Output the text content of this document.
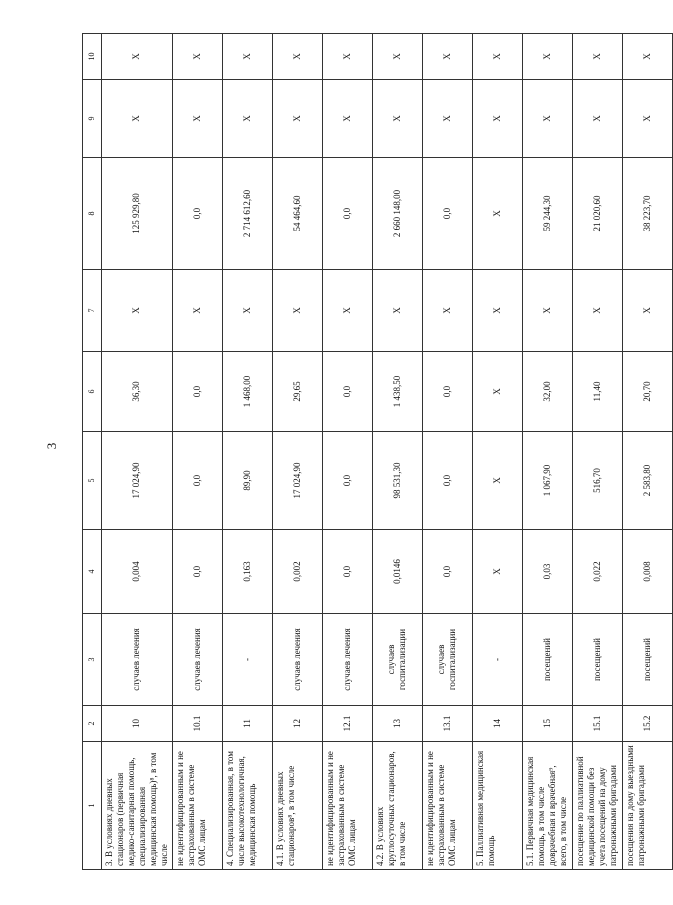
3
1	2	3	4	5	6	7	8	9	10
3. В условиях дневных стационаров (первичная медико-санитарная помощь, специализированная медицинская помощь)⁸, в том числе	10	случаев лечения	0,004	17 024,90	36,30	X	125 929,80	X	X
не идентифицированным и не застрахованным в системе ОМС лицам	10.1	случаев лечения	0,0	0,0	0,0	X	0,0	X	X
4. Специализированная, в том числе высокотехнологичная, медицинская помощь	11	-	0,163	89,90	1 468,00	X	2 714 612,60	X	X
4.1. В условиях дневных стационаров⁸, в том числе	12	случаев лечения	0,002	17 024,90	29,65	X	54 464,60	X	X
не идентифицированным и не застрахованным в системе ОМС лицам	12.1	случаев лечения	0,0	0,0	0,0	X	0,0	X	X
4.2. В условиях круглосуточных стационаров, в том числе	13	случаев госпитализации	0,0146	98 531,30	1 438,50	X	2 660 148,00	X	X
не идентифицированным и не застрахованным в системе ОМС лицам	13.1	случаев госпитализации	0,0	0,0	0,0	X	0,0	X	X
5. Паллиативная медицинская помощь	14	-	X	X	X	X	X	X	X
5.1. Первичная медицинская помощь, в том числе доврачебная и врачебная⁹, всего, в том числе	15	посещений	0,03	1 067,90	32,00	X	59 244,30	X	X
посещение по паллиативной медицинской помощи без учета посещений на дому патронажными бригадами	15.1	посещений	0,022	516,70	11,40	X	21 020,60	X	X
посещения на дому выездными патронажными бригадами	15.2	посещений	0,008	2 583,80	20,70	X	38 223,70	X	X
